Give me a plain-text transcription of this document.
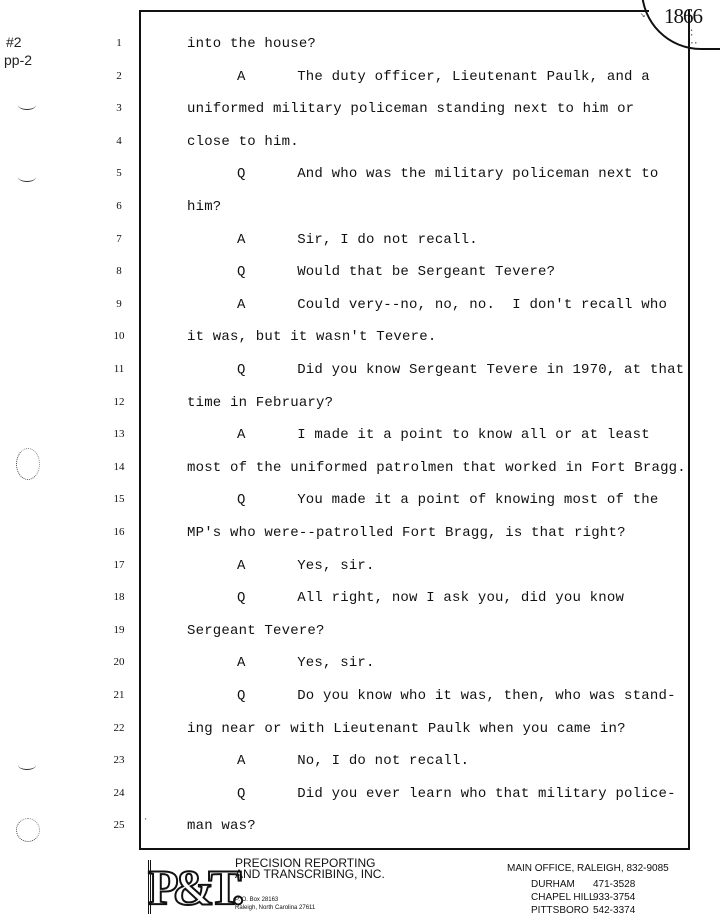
#2
pp-2
1866
↘
∶
⋅⋅
1	into the house?
2	A      The duty officer, Lieutenant Paulk, and a
3	uniformed military policeman standing next to him or
4	close to him.
5	Q      And who was the military policeman next to
6	him?
7	A      Sir, I do not recall.
8	Q      Would that be Sergeant Tevere?
9	A      Could very--no, no, no.  I don't recall who
10	it was, but it wasn't Tevere.
11	Q      Did you know Sergeant Tevere in 1970, at that
12	time in February?
13	A      I made it a point to know all or at least
14	most of the uniformed patrolmen that worked in Fort Bragg.
15	Q      You made it a point of knowing most of the
16	MP's who were--patrolled Fort Bragg, is that right?
17	A      Yes, sir.
18	Q      All right, now I ask you, did you know
19	Sergeant Tevere?
20	A      Yes, sir.
21	Q      Do you know who it was, then, who was stand-
22	ing near or with Lieutenant Paulk when you came in?
23	A      No, I do not recall.
24	Q      Did you ever learn who that military police-
25	man was?
⋅
P&T.
PRECISION REPORTING
AND TRANSCRIBING, INC.
P. O. Box 28163
Raleigh, North Carolina 27611
MAIN OFFICE, RALEIGH, 832-9085
DURHAM 471-3528
CHAPEL HILL933-3754
PITTSBORO 542-3374
